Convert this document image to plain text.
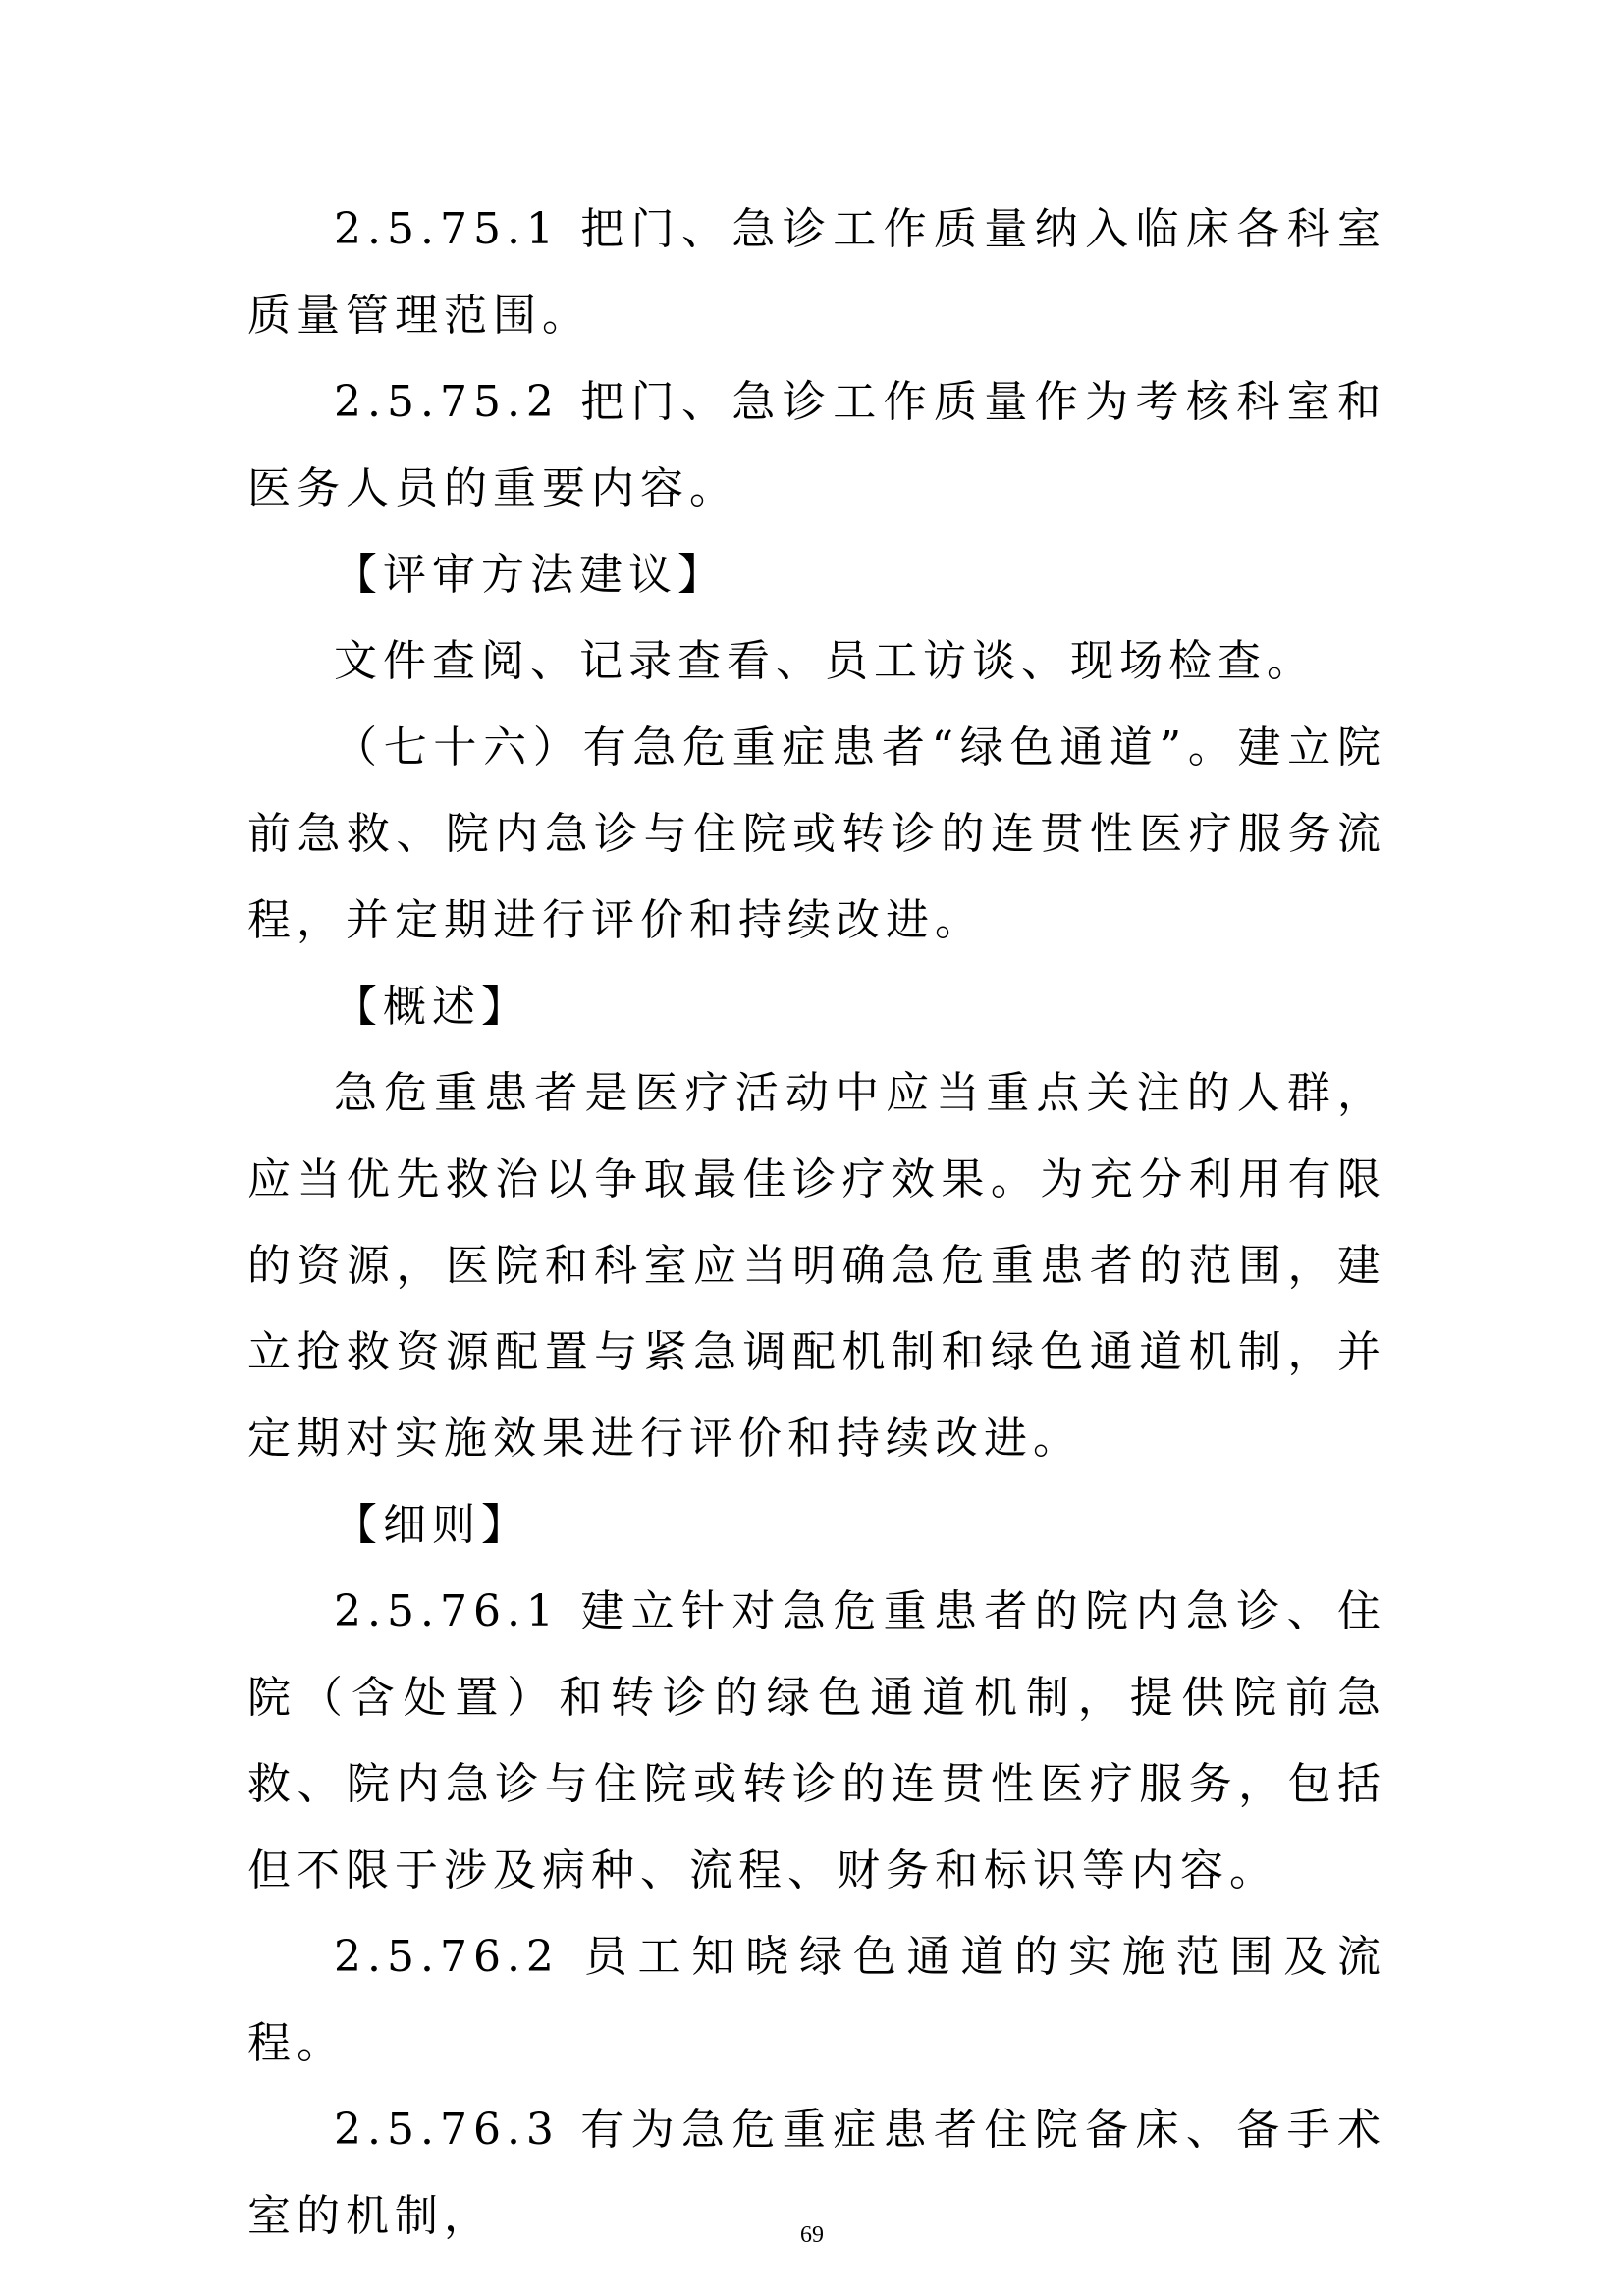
2.5.75.1 把门、急诊工作质量纳入临床各科室质量管理范围。

2.5.75.2 把门、急诊工作质量作为考核科室和医务人员的重要内容。

【评审方法建议】

文件查阅、记录查看、员工访谈、现场检查。

（七十六）有急危重症患者“绿色通道”。建立院前急救、院内急诊与住院或转诊的连贯性医疗服务流程，并定期进行评价和持续改进。

【概述】

急危重患者是医疗活动中应当重点关注的人群，应当优先救治以争取最佳诊疗效果。为充分利用有限的资源，医院和科室应当明确急危重患者的范围，建立抢救资源配置与紧急调配机制和绿色通道机制，并定期对实施效果进行评价和持续改进。

【细则】

2.5.76.1 建立针对急危重患者的院内急诊、住院（含处置）和转诊的绿色通道机制，提供院前急救、院内急诊与住院或转诊的连贯性医疗服务，包括但不限于涉及病种、流程、财务和标识等内容。

2.5.76.2 员工知晓绿色通道的实施范围及流程。

2.5.76.3 有为急危重症患者住院备床、备手术室的机制，	69
